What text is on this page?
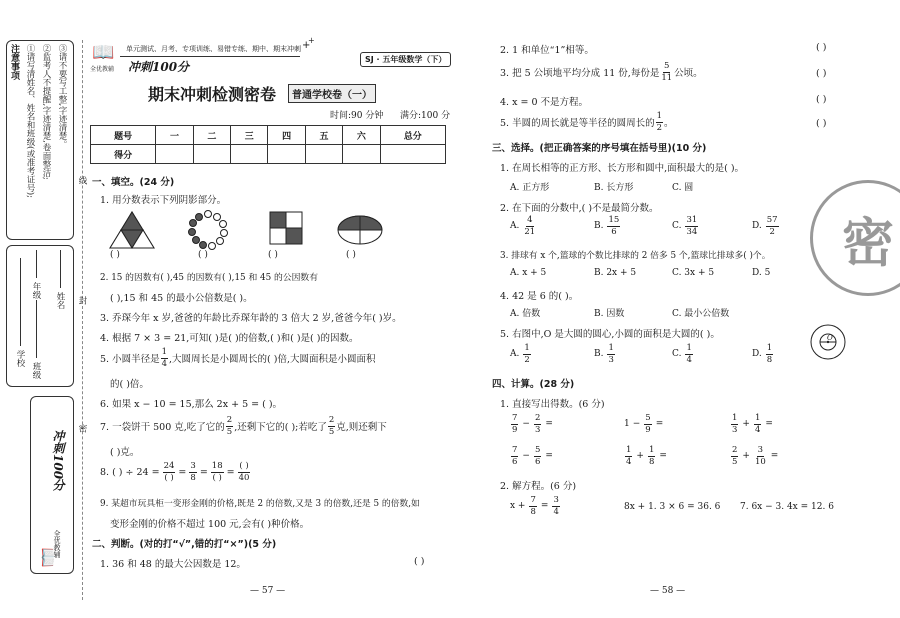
注意事项 ①请写清姓名、姓名和班级(或准考证号); ②监考人不提醒,字迹清楚,卷面整洁; ③请不要写工整,字迹清楚。
学校
班级
年级
姓名
冲刺100分
全优教辅
📖
线
封
密
📖
全优教辅
单元测试、月考、专项训练、易错专练、期中、期末冲刺 +
+
冲刺100分
SJ · 五年级数学（下）
期末冲刺检测密卷	普通学校卷（一）
时间:90 分钟 满分:100 分
题号	一	二	三	四	五	六	总分
得分							
一、填空。(24 分)
1. 用分数表示下列阴影部分。
( )	( )	( )	( )
2. 15 的因数有( ),45 的因数有( ),15 和 45 的公因数有
( ),15 和 45 的最小公倍数是( )。
3. 乔琛今年 x 岁,爸爸的年龄比乔琛年龄的 3 倍大 2 岁,爸爸今年( )岁。
4. 根据 7 × 3 = 21,可知( )是( )的倍数,( )和( )是( )的因数。
5. 小圆半径是 $\frac{1}{4}$ ,大圆周长是小圆周长的( )倍,大圆面积是小圆面积
的( )倍。
6. 如果 x − 10 = 15,那么 2x + 5 = ( )。
7. 一袋饼干 500 克,吃了它的 $\frac{2}{5}$ ,还剩下它的( );若吃了 $\frac{2}{5}$ 克,则还剩下
( )克。
8. ( ) ÷ $24 = \frac{24}{( )} = \frac{3}{8} = \frac{18}{( )} = \frac{( )}{40}$
9. 某超市玩具柜一变形金刚的价格,既是 2 的倍数,又是 3 的倍数,还是 5 的倍数,如
变形金刚的价格不超过 100 元,会有( )种价格。
二、判断。(对的打“√”,错的打“×”)(5 分)
1. 36 和 48 的最大公因数是 12。	( )
— 57 —
2. 1 和单位“1”相等。	( )
3. 把 5 公顷地平均分成 11 份,每份是 $\frac{5}{11}$ 公顷。	( )
4. x = 0 不是方程。	( )
5. 半圆的周长就是等半径的圆周长的 $\frac{1}{2}$ 。	( )
三、选择。(把正确答案的序号填在括号里)(10 分)
1. 在周长相等的正方形、长方形和圆中,面积最大的是( )。
A. 正方形	B. 长方形	C. 圆
2. 在下面的分数中,( )不是最简分数。
A. $\frac{4}{21}$	B. $\frac{15}{6}$	C. $\frac{31}{34}$	D. $\frac{57}{2}$
3. 排球有 x 个,篮球的个数比排球的 2 倍多 5 个,篮球比排球多( )个。
A. x + 5	B. 2x + 5	C. 3x + 5	D. 5
4. 42 是 6 的( )。
A. 倍数	B. 因数	C. 最小公倍数
5. 右图中,O 是大圆的圆心,小圆的面积是大圆的( )。
A. $\frac{1}{2}$	B. $\frac{1}{3}$	C. $\frac{1}{4}$	D. $\frac{1}{8}$
O
密
四、计算。(28 分)
1. 直接写出得数。(6 分)
$\frac{7}{9} - \frac{2}{3}$ =	$1 - \frac{5}{9}$ =	$\frac{1}{3} + \frac{1}{4}$ =
$\frac{7}{6} - \frac{5}{6}$ =	$\frac{1}{4} + \frac{1}{8}$ =	$\frac{2}{5} + \frac{3}{10}$ =
2. 解方程。(6 分)
$x + \frac{7}{8} = \frac{3}{4}$	8x + 1. 3 × 6 = 36. 6 7. 6x − 3. 4x = 12. 6
— 58 —
